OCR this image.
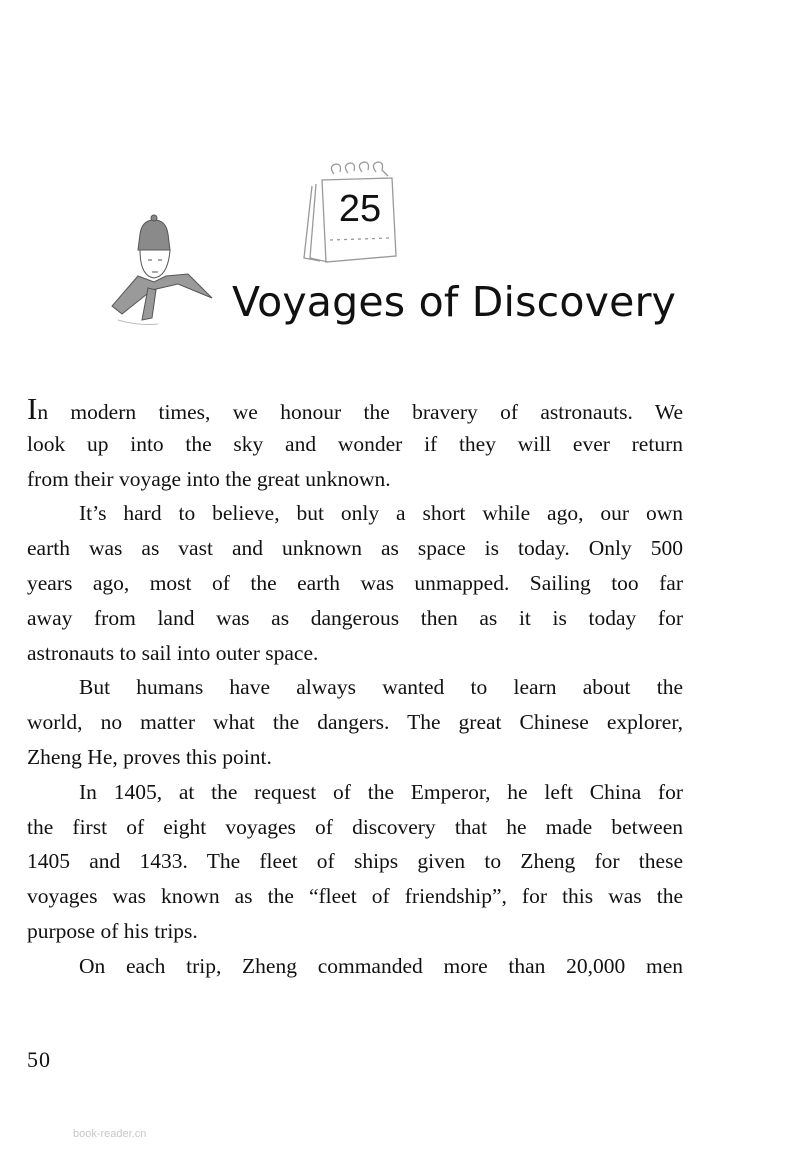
25
Voyages of Discovery
In modern times, we honour the bravery of astronauts. We
look up into the sky and wonder if they will ever return
from their voyage into the great unknown.
It’s hard to believe, but only a short while ago, our own
earth was as vast and unknown as space is today. Only 500
years ago, most of the earth was unmapped. Sailing too far
away from land was as dangerous then as it is today for
astronauts to sail into outer space.
But humans have always wanted to learn about the
world, no matter what the dangers. The great Chinese explorer,
Zheng He, proves this point.
In 1405, at the request of the Emperor, he left China for
the first of eight voyages of discovery that he made between
1405 and 1433. The fleet of ships given to Zheng for these
voyages was known as the “fleet of friendship”, for this was the
purpose of his trips.
On each trip, Zheng commanded more than 20,000 men
50
book-reader.cn
